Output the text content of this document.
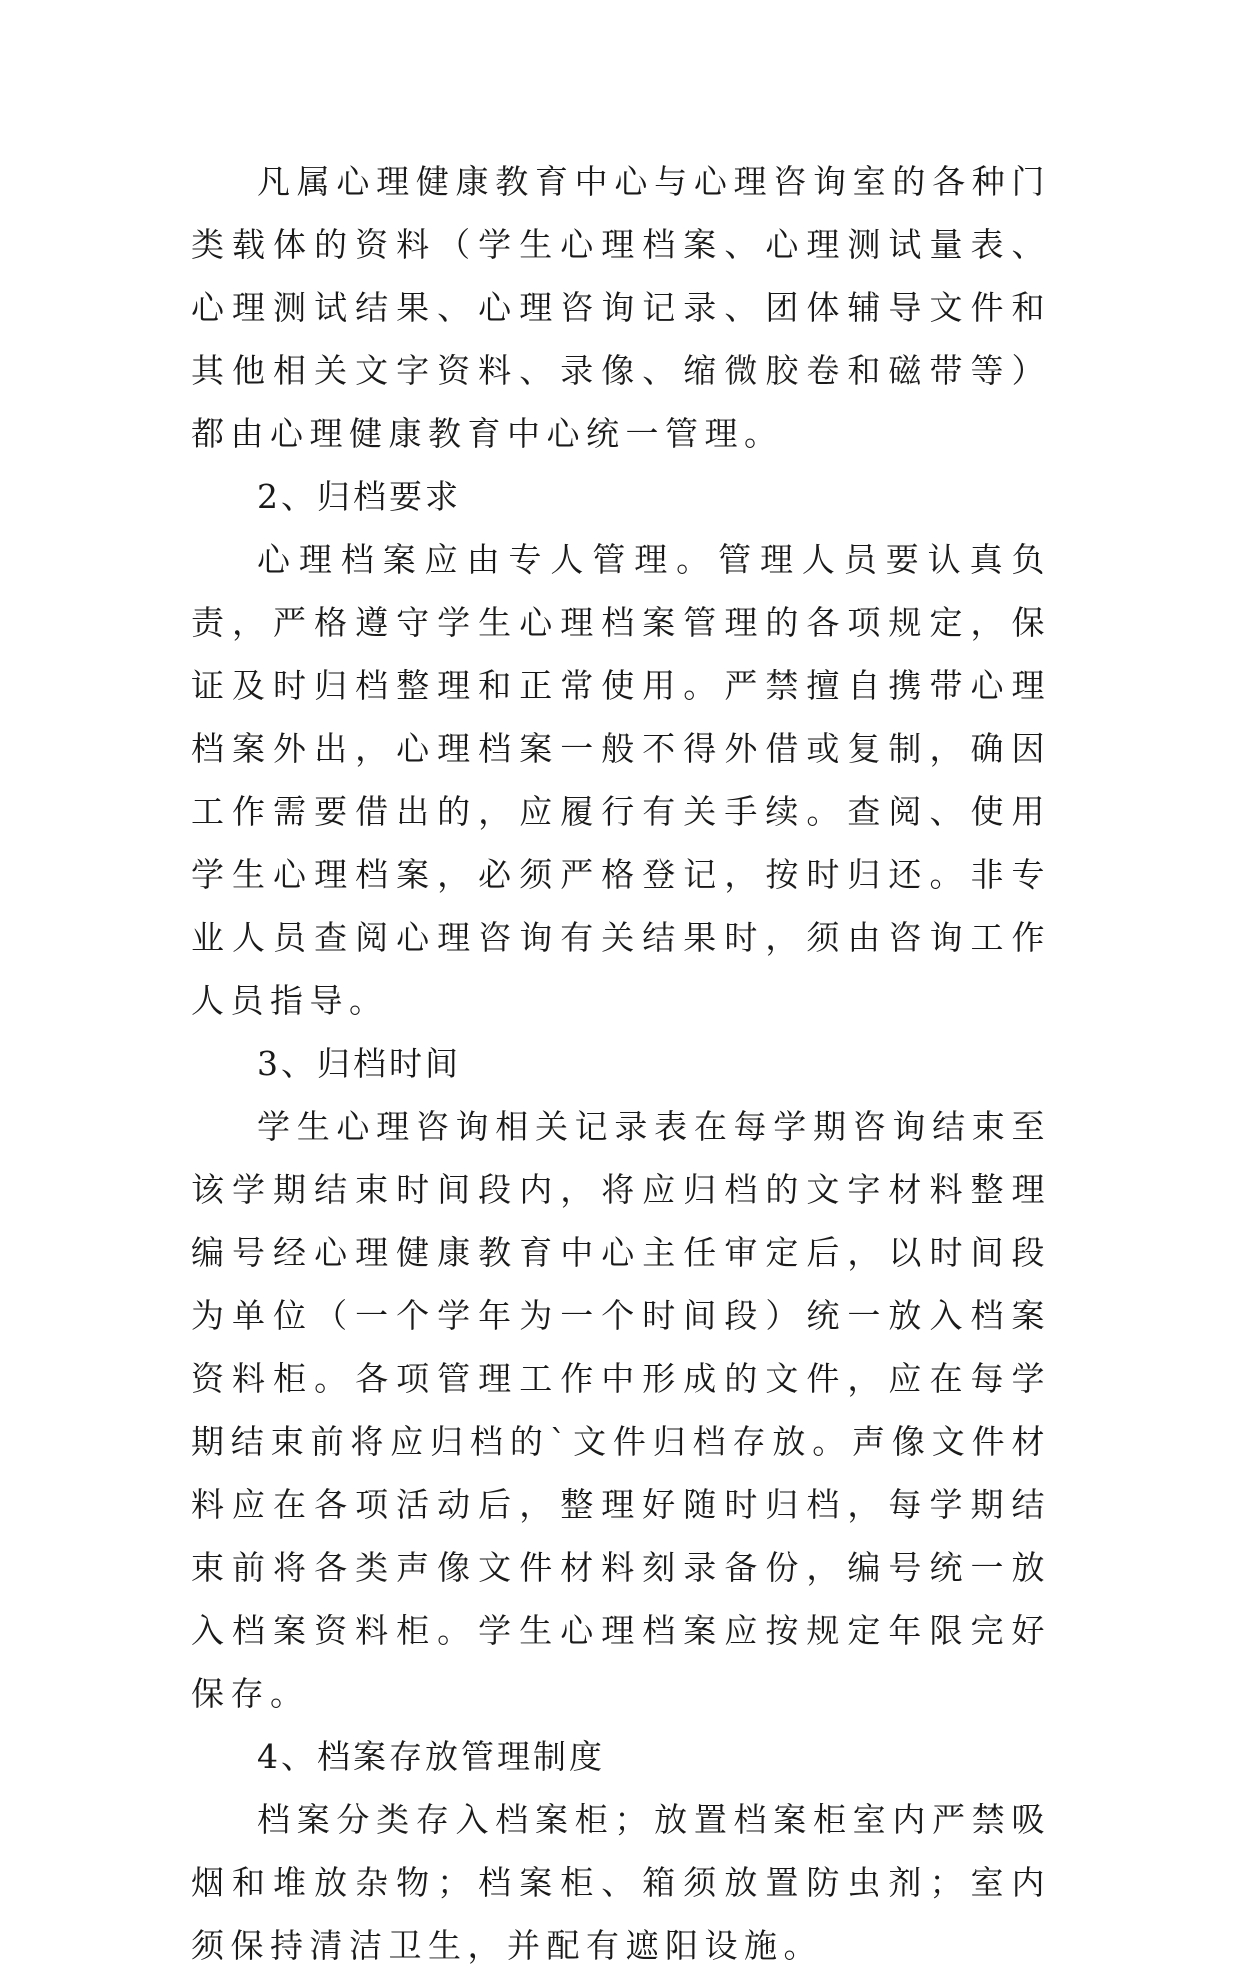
凡属心理健康教育中心与心理咨询室的各种门类载体的资料（学生心理档案、心理测试量表、心理测试结果、心理咨询记录、团体辅导文件和其他相关文字资料、录像、缩微胶卷和磁带等）都由心理健康教育中心统一管理。

2、归档要求

心理档案应由专人管理。管理人员要认真负责，严格遵守学生心理档案管理的各项规定，保证及时归档整理和正常使用。严禁擅自携带心理档案外出，心理档案一般不得外借或复制，确因工作需要借出的，应履行有关手续。查阅、使用学生心理档案，必须严格登记，按时归还。非专业人员查阅心理咨询有关结果时，须由咨询工作人员指导。

3、归档时间

学生心理咨询相关记录表在每学期咨询结束至该学期结束时间段内，将应归档的文字材料整理编号经心理健康教育中心主任审定后，以时间段为单位（一个学年为一个时间段）统一放入档案资料柜。各项管理工作中形成的文件，应在每学期结束前将应归档的`文件归档存放。声像文件材料应在各项活动后，整理好随时归档，每学期结束前将各类声像文件材料刻录备份，编号统一放入档案资料柜。学生心理档案应按规定年限完好保存。

4、档案存放管理制度

档案分类存入档案柜；放置档案柜室内严禁吸烟和堆放杂物；档案柜、箱须放置防虫剂；室内须保持清洁卫生，并配有遮阳设施。
